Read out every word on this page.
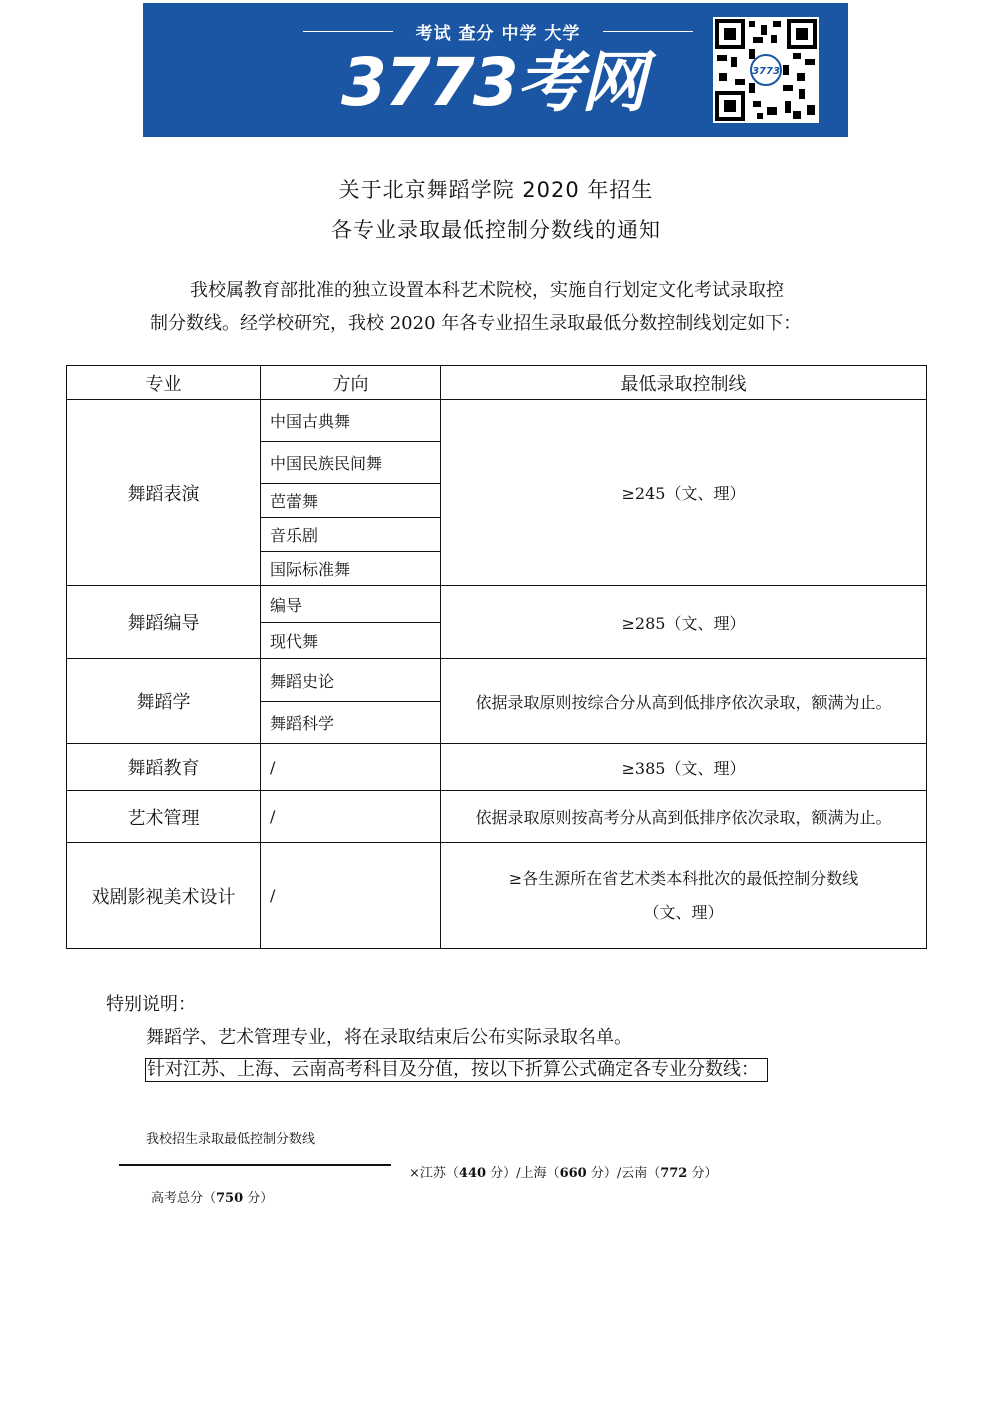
考试 查分 中学 大学
3773考网	3773
关于北京舞蹈学院 2020 年招生
各专业录取最低控制分数线的通知
我校属教育部批准的独立设置本科艺术院校，实施自行划定文化考试录取控
制分数线。经学校研究，我校 2020 年各专业招生录取最低分数控制线划定如下：
专业	方向	最低录取控制线
舞蹈表演	中国古典舞	≥245（文、理）
	中国民族民间舞	
	芭蕾舞	
	音乐剧	
	国际标准舞	
舞蹈编导	编导	≥285（文、理）
	现代舞	
舞蹈学	舞蹈史论	依据录取原则按综合分从高到低排序依次录取，额满为止。
	舞蹈科学	
舞蹈教育	/	≥385（文、理）
艺术管理	/	依据录取原则按高考分从高到低排序依次录取，额满为止。
戏剧影视美术设计	/	≥各生源所在省艺术类本科批次的最低控制分数线
（文、理）
特别说明：
舞蹈学、艺术管理专业，将在录取结束后公布实际录取名单。
针对江苏、上海、云南高考科目及分值，按以下折算公式确定各专业分数线：
我校招生录取最低控制分数线
×江苏（440 分）/上海（660 分）/云南（772 分）
高考总分（750 分）
